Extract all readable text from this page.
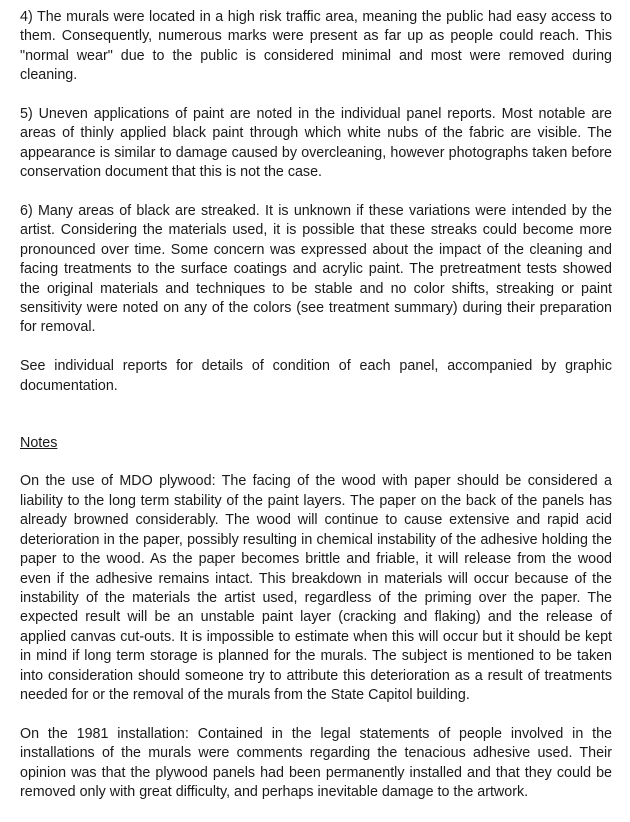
4) The murals were located in a high risk traffic area, meaning the public had easy access to them. Consequently, numerous marks were present as far up as people could reach. This "normal wear" due to the public is considered minimal and most were removed during cleaning.

5) Uneven applications of paint are noted in the individual panel reports. Most notable are areas of thinly applied black paint through which white nubs of the fabric are visible. The appearance is similar to damage caused by overcleaning, however photographs taken before conservation document that this is not the case.

6) Many areas of black are streaked. It is unknown if these variations were intended by the artist. Considering the materials used, it is possible that these streaks could become more pronounced over time. Some concern was expressed about the impact of the cleaning and facing treatments to the surface coatings and acrylic paint. The pretreatment tests showed the original materials and techniques to be stable and no color shifts, streaking or paint sensitivity were noted on any of the colors (see treatment summary) during their preparation for removal.

See individual reports for details of condition of each panel, accompanied by graphic documentation.

Notes

On the use of MDO plywood: The facing of the wood with paper should be considered a liability to the long term stability of the paint layers. The paper on the back of the panels has already browned considerably. The wood will continue to cause extensive and rapid acid deterioration in the paper, possibly resulting in chemical instability of the adhesive holding the paper to the wood. As the paper becomes brittle and friable, it will release from the wood even if the adhesive remains intact. This breakdown in materials will occur because of the instability of the materials the artist used, regardless of the priming over the paper. The expected result will be an unstable paint layer (cracking and flaking) and the release of applied canvas cut-outs. It is impossible to estimate when this will occur but it should be kept in mind if long term storage is planned for the murals. The subject is mentioned to be taken into consideration should someone try to attribute this deterioration as a result of treatments needed for or the removal of the murals from the State Capitol building.

On the 1981 installation: Contained in the legal statements of people involved in the installations of the murals were comments regarding the tenacious adhesive used. Their opinion was that the plywood panels had been permanently installed and that they could be removed only with great difficulty, and perhaps inevitable damage to the artwork.
